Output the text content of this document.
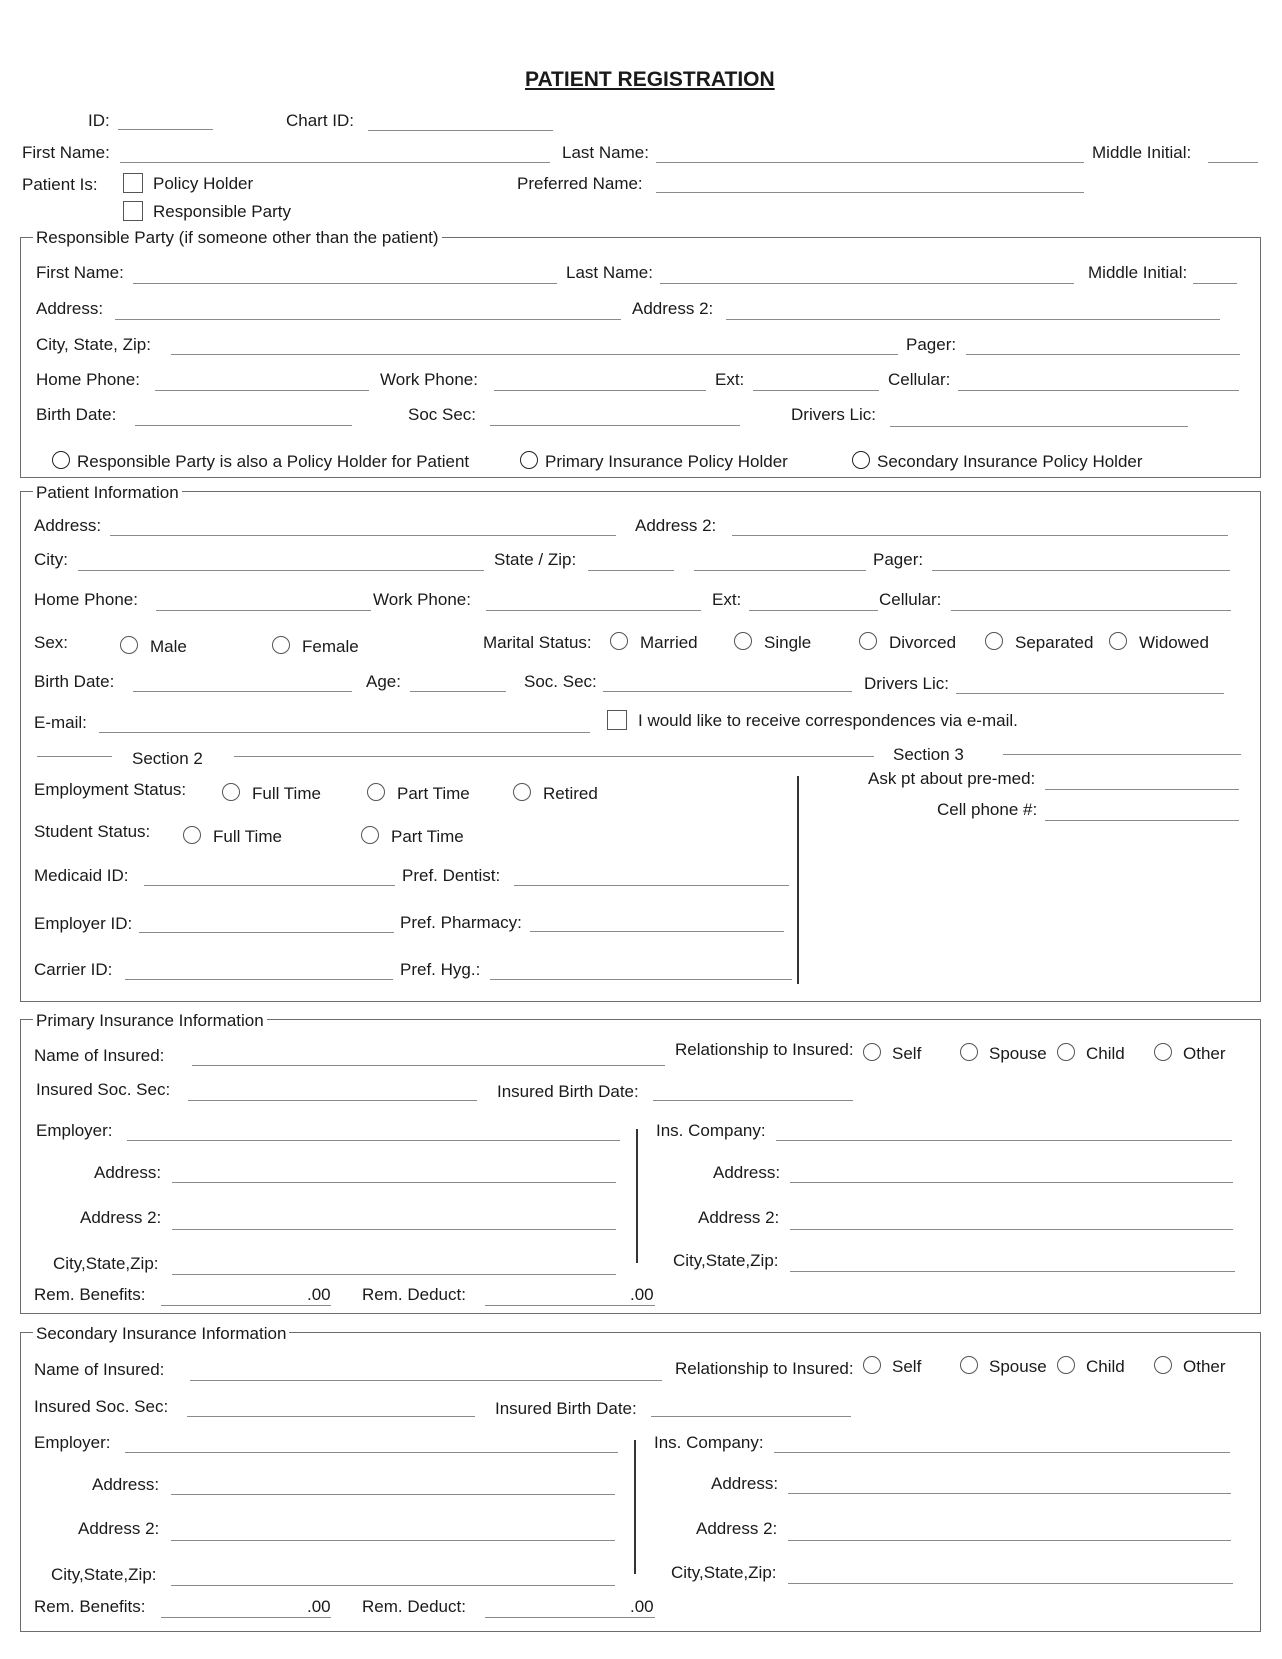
PATIENT REGISTRATION
ID:	Chart ID:
First Name:	Last Name:	Middle Initial:
Patient Is:	Policy Holder
Responsible Party
Preferred Name:
Responsible Party (if someone other than the patient)
First Name:	Last Name:	Middle Initial:
Address:	Address 2:
City, State, Zip:	Pager:
Home Phone:	Work Phone:	Ext:	Cellular:
Birth Date:	Soc Sec:	Drivers Lic:
Responsible Party is also a Policy Holder for Patient	Primary Insurance Policy Holder	Secondary Insurance Policy Holder
Patient Information
Address:	Address 2:
City:	State / Zip:	Pager:
Home Phone:	Work Phone:	Ext:	Cellular:
Sex:	Male	Female	Marital Status:	Married	Single	Divorced	Separated	Widowed
Birth Date:	Age:	Soc. Sec:	Drivers Lic:
E-mail:	I would like to receive correspondences via e-mail.
Section 2	Section 3
Employment Status:	Full Time	Part Time	Retired
Ask pt about pre-med:
Cell phone #:
Student Status:	Full Time	Part Time
Medicaid ID:	Pref. Dentist:
Employer ID:	Pref. Pharmacy:
Carrier ID:	Pref. Hyg.:
Primary Insurance Information
Name of Insured:	Relationship to Insured: Self	Spouse Child	Other
Insured Soc. Sec:	Insured Birth Date:
Employer:	Ins. Company:
Address:	Address:
Address 2:	Address 2:
City,State,Zip:	City,State,Zip:
Rem. Benefits:	.00 Rem. Deduct:	.00
Secondary Insurance Information
Name of Insured:	Relationship to Insured: Self	Spouse Child	Other
Insured Soc. Sec:	Insured Birth Date:
Employer:	Ins. Company:
Address:	Address:
Address 2:	Address 2:
City,State,Zip:	City,State,Zip:
Rem. Benefits:	.00 Rem. Deduct:	.00
